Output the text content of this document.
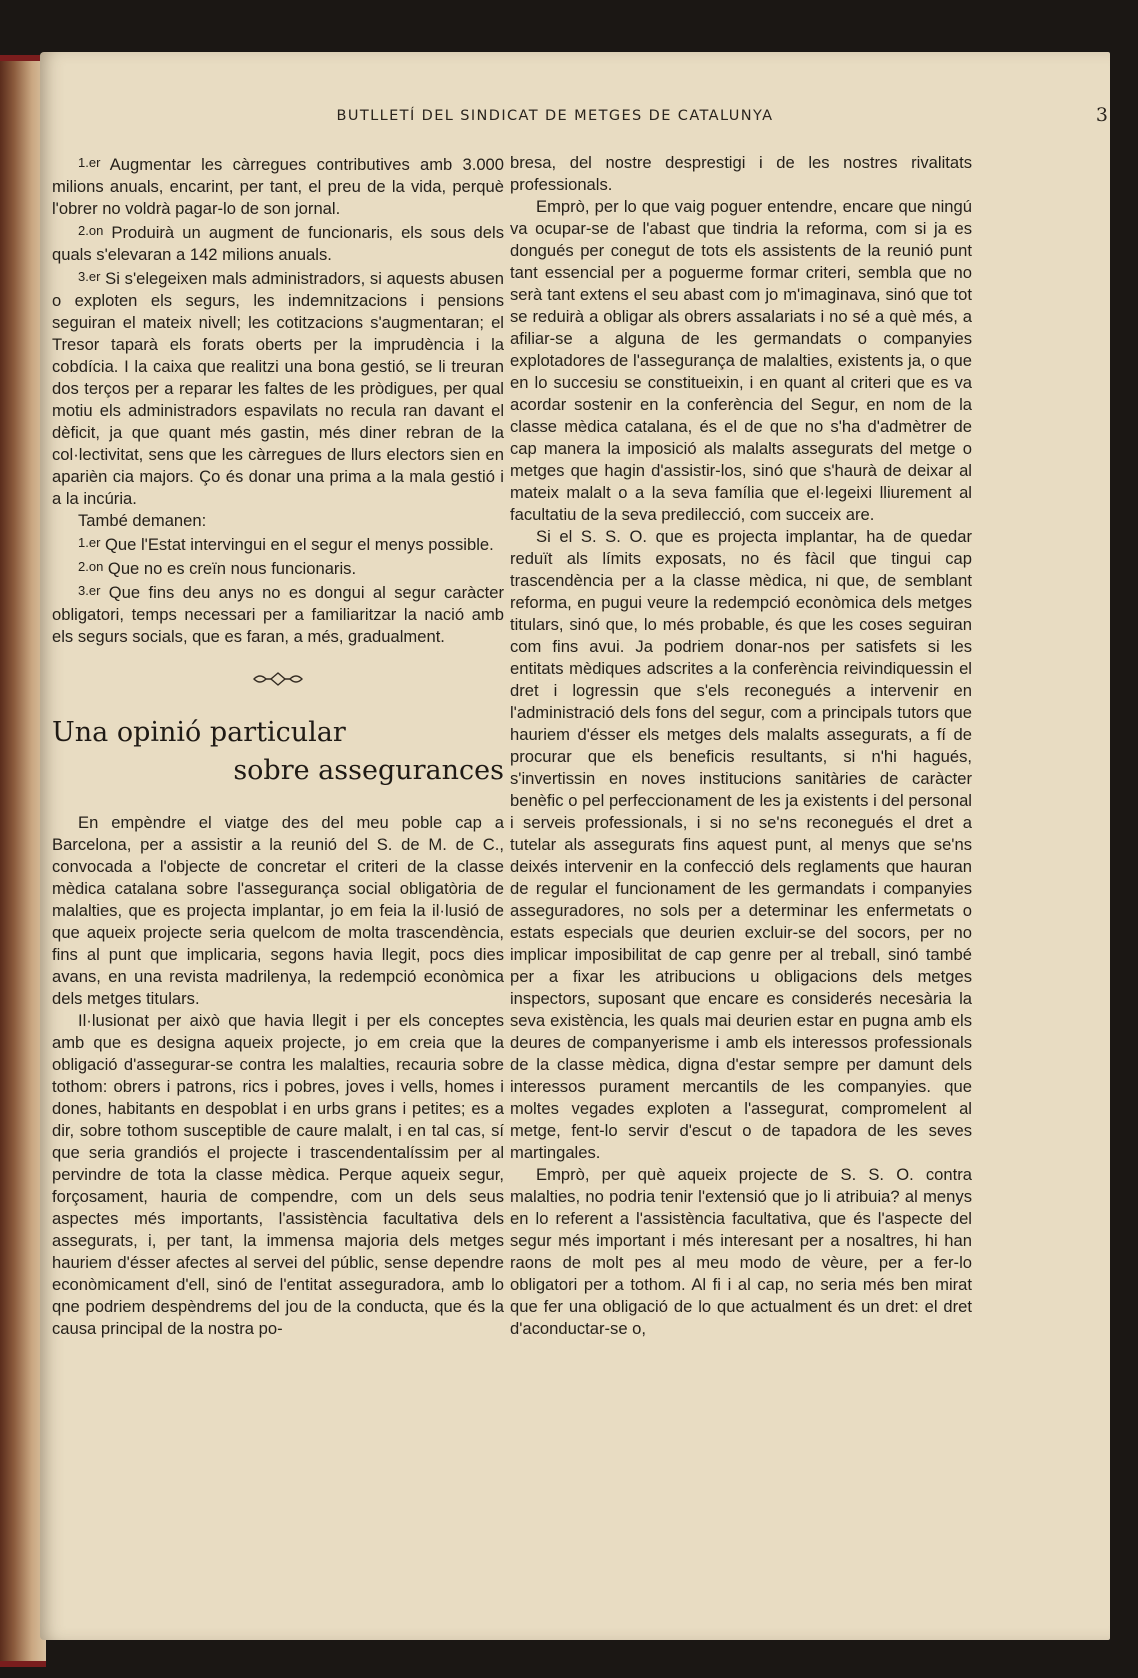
BUTLLETÍ DEL SINDICAT DE METGES DE CATALUNYA	3

1.er Augmentar les càrregues contributives amb 3.000 milions anuals, encarint, per tant, el preu de la vida, perquè l'obrer no voldrà pagar-lo de son jornal.

2.on Produirà un augment de funcionaris, els sous dels quals s'elevaran a 142 milions anuals.

3.er Si s'elegeixen mals administradors, si aquests abusen o exploten els segurs, les indemnitzacions i pensions seguiran el mateix nivell; les cotitzacions s'augmentaran; el Tresor taparà els forats oberts per la imprudència i la cobdícia. I la caixa que realitzi una bona gestió, se li treuran dos terços per a reparar les faltes de les pròdigues, per qual motiu els administradors espavilats no recula ran davant el dèficit, ja que quant més gastin, més diner rebran de la col·lectivitat, sens que les càrregues de llurs electors sien en aparièn cia majors. Ço és donar una prima a la mala gestió i a la incúria.

També demanen:

1.er Que l'Estat intervingui en el segur el menys possible.

2.on Que no es creïn nous funcionaris.

3.er Que fins deu anys no es dongui al segur caràcter obligatori, temps necessari per a familiaritzar la nació amb els segurs socials, que es faran, a més, gradualment.

Una opinió particular
sobre assegurances

En empèndre el viatge des del meu poble cap a Barcelona, per a assistir a la reunió del S. de M. de C., convocada a l'objecte de concretar el criteri de la classe mèdica catalana sobre l'assegurança social obligatòria de malalties, que es projecta implantar, jo em feia la il·lusió de que aqueix projecte seria quelcom de molta trascendència, fins al punt que implicaria, segons havia llegit, pocs dies avans, en una revista madrilenya, la redempció econòmica dels metges titulars.

Il·lusionat per això que havia llegit i per els conceptes amb que es designa aqueix projecte, jo em creia que la obligació d'assegurar-se contra les malalties, recauria sobre tothom: obrers i patrons, rics i pobres, joves i vells, homes i dones, habitants en despoblat i en urbs grans i petites; es a dir, sobre tothom susceptible de caure malalt, i en tal cas, sí que seria grandiós el projecte i trascendentalíssim per al pervindre de tota la classe mèdica. Perque aqueix segur, forçosament, hauria de compendre, com un dels seus aspectes més importants, l'assistència facultativa dels assegurats, i, per tant, la immensa majoria dels metges hauriem d'ésser afectes al servei del públic, sense dependre econòmicament d'ell, sinó de l'entitat asseguradora, amb lo qne podriem despèndrems del jou de la conducta, que és la causa principal de la nostra po-

bresa, del nostre desprestigi i de les nostres rivalitats professionals.

Emprò, per lo que vaig poguer entendre, encare que ningú va ocupar-se de l'abast que tindria la reforma, com si ja es dongués per conegut de tots els assistents de la reunió punt tant essencial per a poguerme formar criteri, sembla que no serà tant extens el seu abast com jo m'imaginava, sinó que tot se reduirà a obligar als obrers assalariats i no sé a què més, a afiliar-se a alguna de les germandats o companyies explotadores de l'assegurança de malalties, existents ja, o que en lo succesiu se constitueixin, i en quant al criteri que es va acordar sostenir en la conferència del Segur, en nom de la classe mèdica catalana, és el de que no s'ha d'admètrer de cap manera la imposició als malalts assegurats del metge o metges que hagin d'assistir-los, sinó que s'haurà de deixar al mateix malalt o a la seva família que el·legeixi lliurement al facultatiu de la seva predilecció, com succeix are.

Si el S. S. O. que es projecta implantar, ha de quedar reduït als límits exposats, no és fàcil que tingui cap trascendència per a la classe mèdica, ni que, de semblant reforma, en pugui veure la redempció econòmica dels metges titulars, sinó que, lo més probable, és que les coses seguiran com fins avui. Ja podriem donar-nos per satisfets si les entitats mèdiques adscrites a la conferència reivindiquessin el dret i logressin que s'els reconegués a intervenir en l'administració dels fons del segur, com a principals tutors que hauriem d'ésser els metges dels malalts assegurats, a fí de procurar que els beneficis resultants, si n'hi hagués, s'invertissin en noves institucions sanitàries de caràcter benèfic o pel perfeccionament de les ja existents i del personal i serveis professionals, i si no se'ns reconegués el dret a tutelar als assegurats fins aquest punt, al menys que se'ns deixés intervenir en la confecció dels reglaments que hauran de regular el funcionament de les germandats i companyies asseguradores, no sols per a determinar les enfermetats o estats especials que deurien excluir-se del socors, per no implicar imposibilitat de cap genre per al treball, sinó també per a fixar les atribucions u obligacions dels metges inspectors, suposant que encare es considerés necesària la seva existència, les quals mai deurien estar en pugna amb els deures de companyerisme i amb els interessos professionals de la classe mèdica, digna d'estar sempre per damunt dels interessos purament mercantils de les companyies. que moltes vegades exploten a l'assegurat, compromelent al metge, fent-lo servir d'escut o de tapadora de les seves martingales.

Emprò, per què aqueix projecte de S. S. O. contra malalties, no podria tenir l'extensió que jo li atribuia? al menys en lo referent a l'assistència facultativa, que és l'aspecte del segur més important i més interesant per a nosaltres, hi han raons de molt pes al meu modo de vèure, per a fer-lo obligatori per a tothom. Al fi i al cap, no seria més ben mirat que fer una obligació de lo que actualment és un dret: el dret d'aconductar-se o,
